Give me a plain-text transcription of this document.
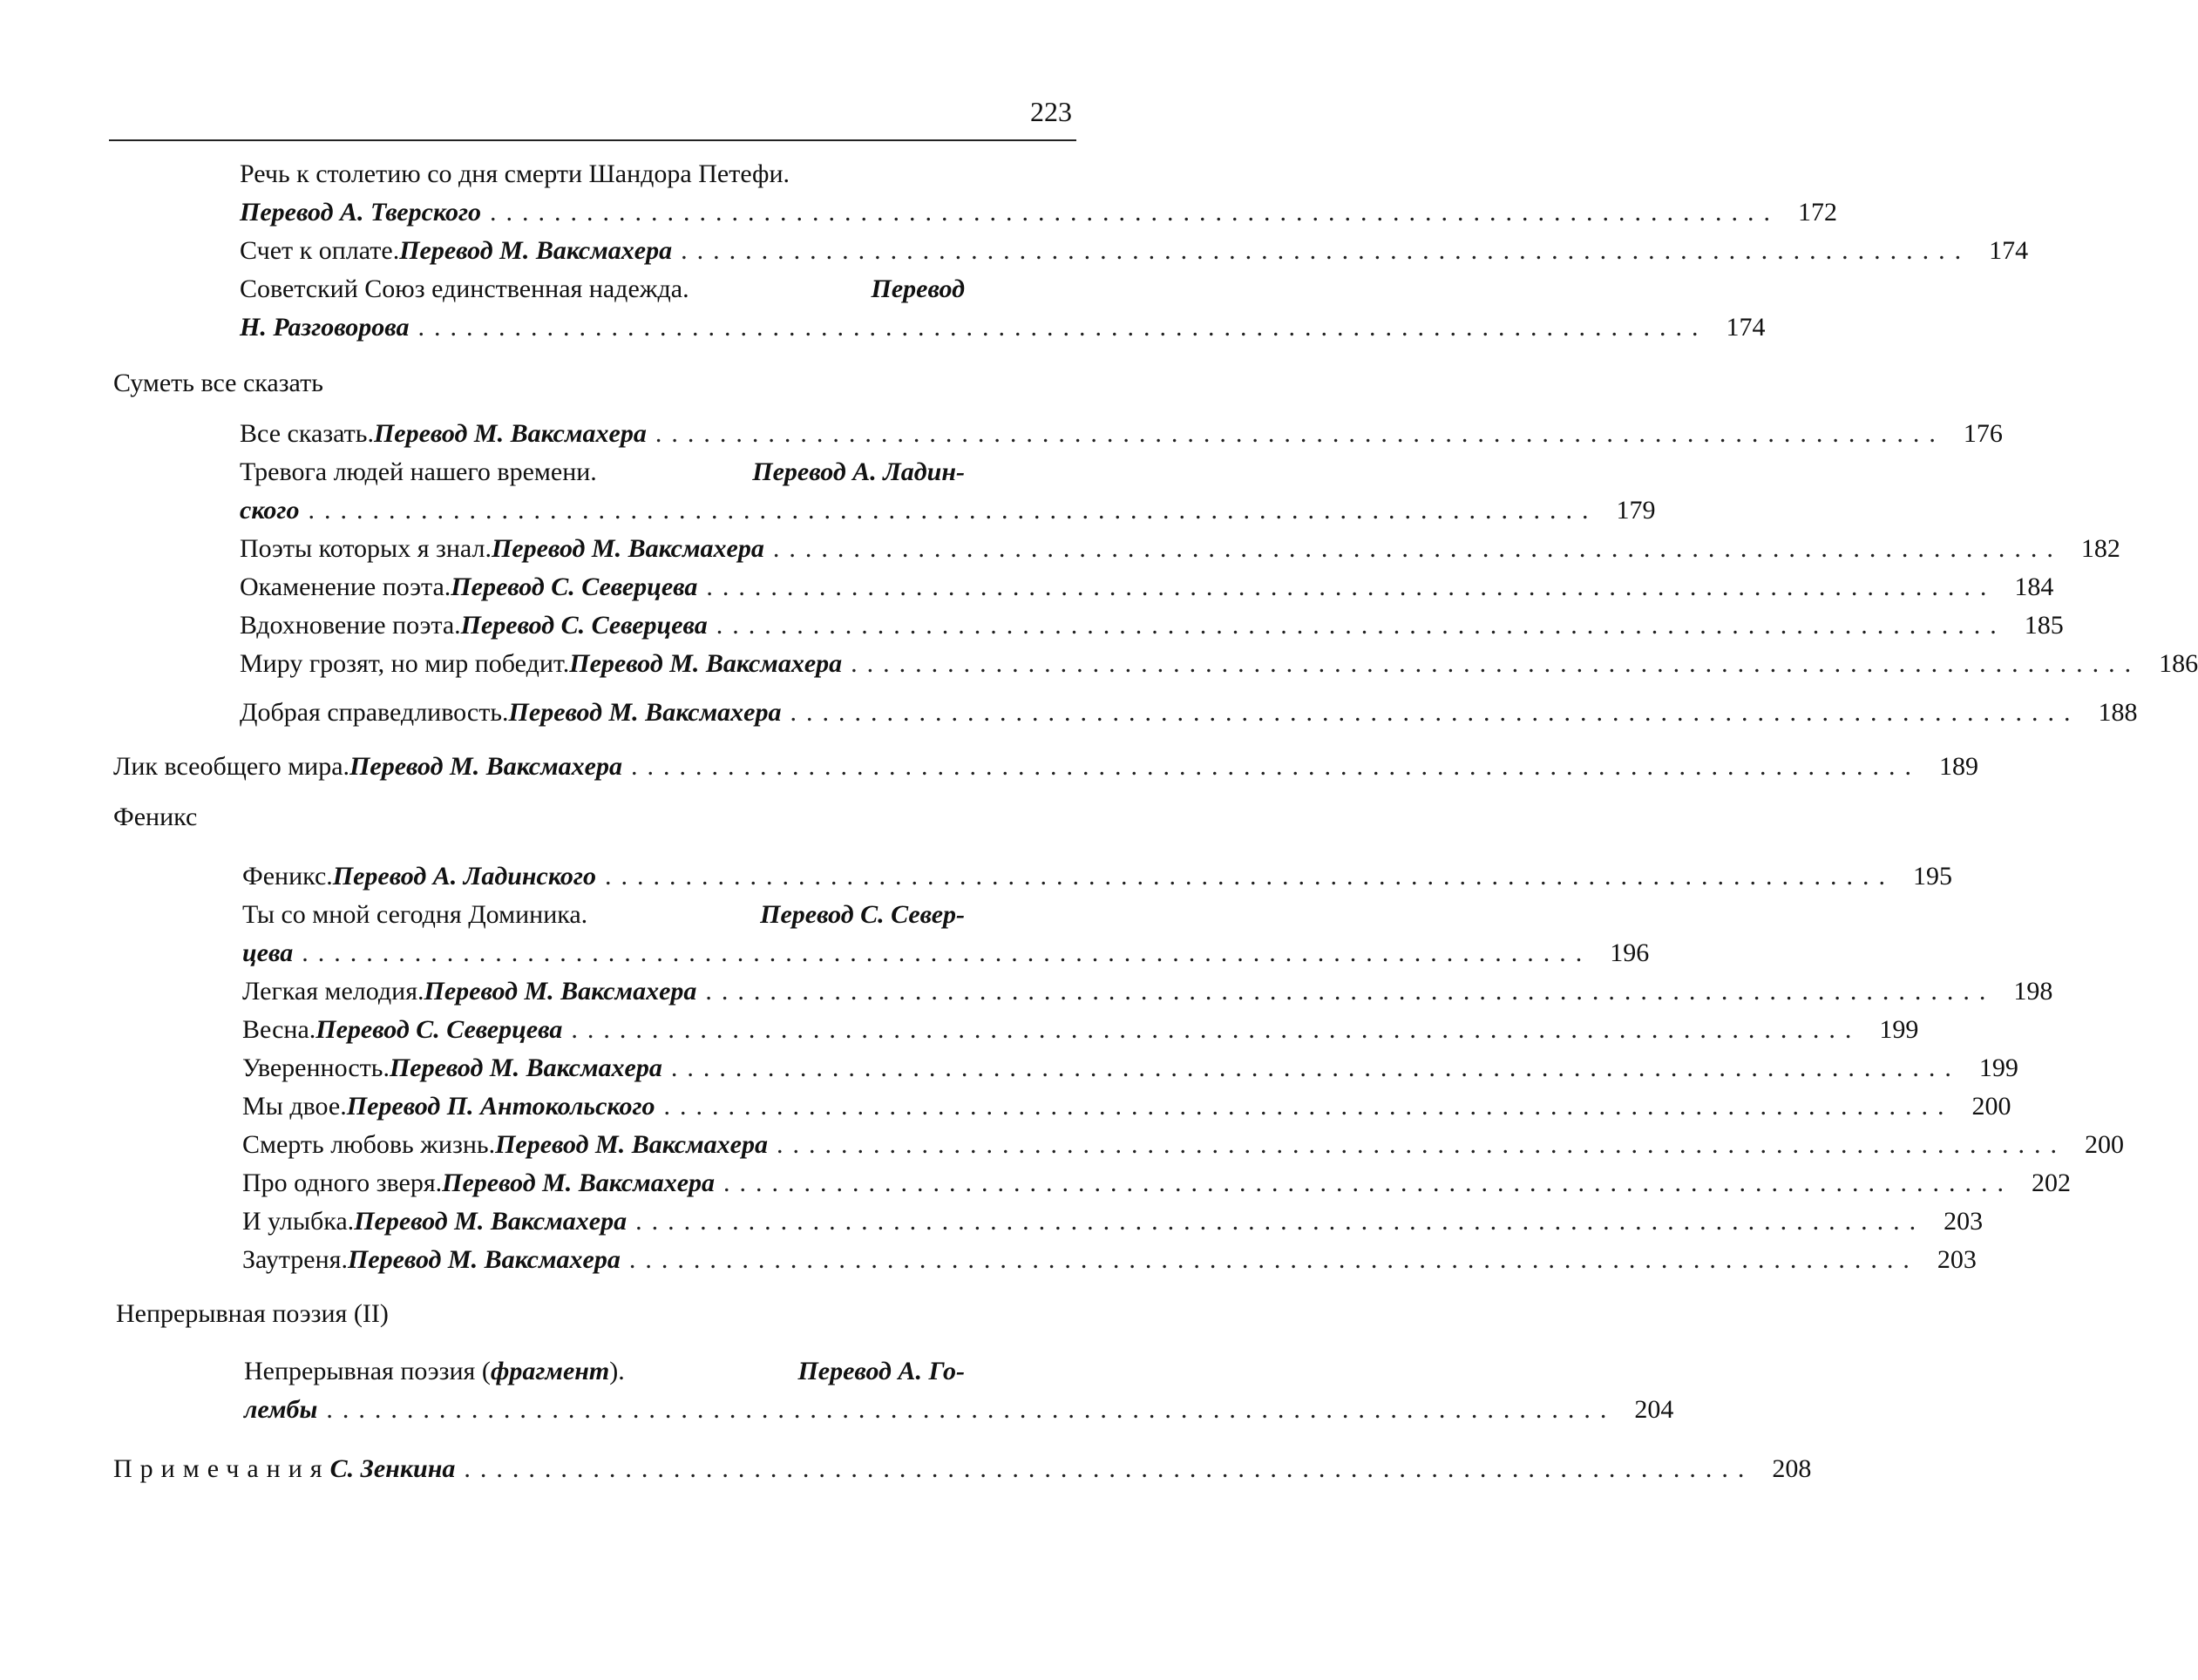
223
Речь к столетию со дня смерти Шандора Петефи.
Перевод А. Тверского ................................................................................ 172
Счет к оплате. Перевод М. Ваксмахера ................................................................................ 174
Советский Союз единственная надежда.	Перевод
Н. Разговорова ................................................................................ 174
Суметь все сказать
Все сказать. Перевод М. Ваксмахера ................................................................................ 176
Тревога людей нашего времени.	Перевод А. Ладин-
ского ................................................................................ 179
Поэты которых я знал. Перевод М. Ваксмахера ................................................................................ 182
Окаменение поэта. Перевод С. Северцева ................................................................................ 184
Вдохновение поэта. Перевод С. Северцева ................................................................................ 185
Миру грозят, но мир победит. Перевод М. Ваксмахера ................................................................................ 186
Добрая справедливость. Перевод М. Ваксмахера ................................................................................ 188
Лик всеобщего мира. Перевод М. Ваксмахера ................................................................................ 189
Феникс
Феникс. Перевод А. Ладинского ................................................................................ 195
Ты со мной сегодня Доминика.	Перевод С. Север-
цева ................................................................................ 196
Легкая мелодия. Перевод М. Ваксмахера ................................................................................ 198
Весна. Перевод С. Северцева ................................................................................ 199
Уверенность. Перевод М. Ваксмахера ................................................................................ 199
Мы двое. Перевод П. Антокольского ................................................................................ 200
Смерть любовь жизнь. Перевод М. Ваксмахера ................................................................................ 200
Про одного зверя. Перевод М. Ваксмахера ................................................................................ 202
И улыбка. Перевод М. Ваксмахера ................................................................................ 203
Заутреня. Перевод М. Ваксмахера ................................................................................ 203
Непрерывная поэзия (II)
Непрерывная поэзия (фрагмент).	Перевод А. Го-
лембы ................................................................................ 204
Примечания С. Зенкина ................................................................................ 208
